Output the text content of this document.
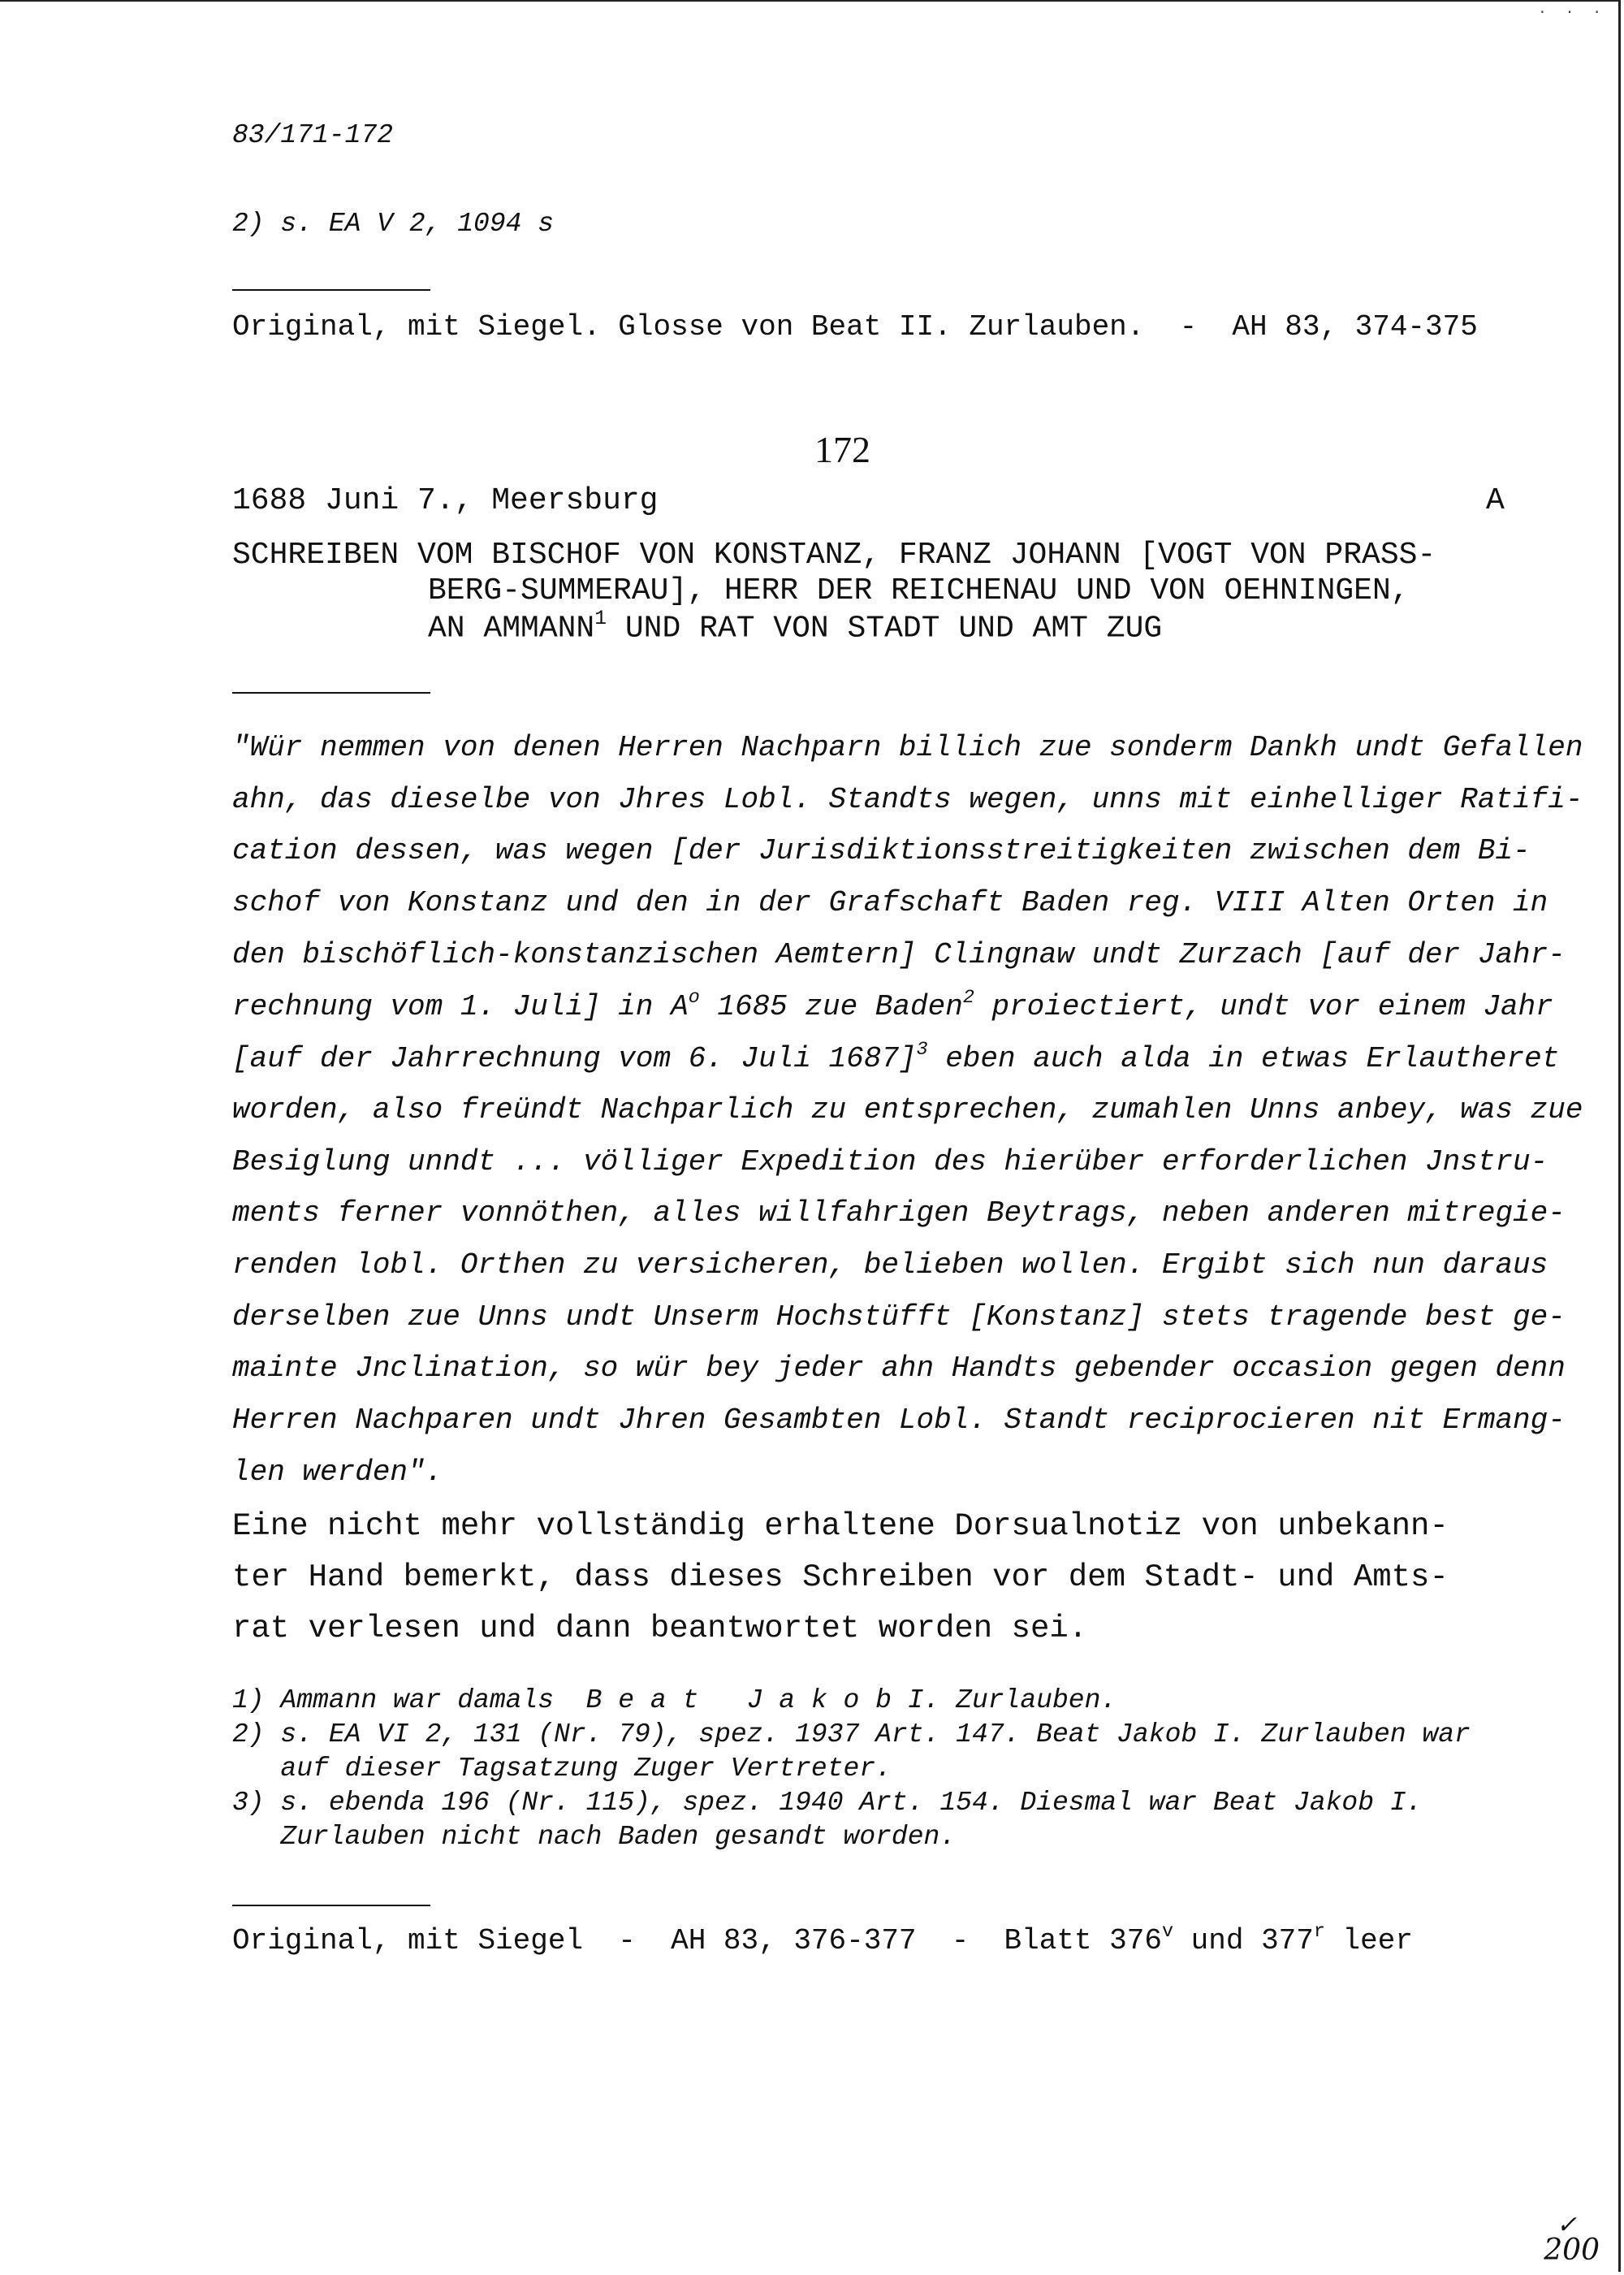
· · ·
83/171-172
2) s. EA V 2, 1094 s
Original, mit Siegel. Glosse von Beat II. Zurlauben.  -  AH 83, 374-375
172
1688 Juni 7., Meersburg	A
SCHREIBEN VOM BISCHOF VON KONSTANZ, FRANZ JOHANN [VOGT VON PRASS-
BERG-SUMMERAU], HERR DER REICHENAU UND VON OEHNINGEN,
AN AMMANN$^1$ UND RAT VON STADT UND AMT ZUG
"Wür nemmen von denen Herren Nachparn billich zue sonderm Dankh undt Gefallen
ahn, das dieselbe von Jhres Lobl. Standts wegen, unns mit einhelliger Ratifi-
cation dessen, was wegen [der Jurisdiktionsstreitigkeiten zwischen dem Bi-
schof von Konstanz und den in der Grafschaft Baden reg. VIII Alten Orten in
den bischöflich-konstanzischen Aemtern] Clingnaw undt Zurzach [auf der Jahr-
rechnung vom 1. Juli] in $A^o$ 1685 zue Baden$^2$ proiectiert, undt vor einem Jahr
[auf der Jahrrechnung vom 6. Juli 1687]$^3$ eben auch alda in etwas Erlautheret
worden, also freündt Nachparlich zu entsprechen, zumahlen Unns anbey, was zue
Besiglung unndt ... völliger Expedition des hierüber erforderlichen Jnstru-
ments ferner vonnöthen, alles willfahrigen Beytrags, neben anderen mitregie-
renden lobl. Orthen zu versicheren, belieben wollen. Ergibt sich nun daraus
derselben zue Unns undt Unserm Hochstüfft [Konstanz] stets tragende best ge-
mainte Jnclination, so wür bey jeder ahn Handts gebender occasion gegen denn
Herren Nachparen undt Jhren Gesambten Lobl. Standt reciprocieren nit Ermang-
len werden".
Eine nicht mehr vollständig erhaltene Dorsualnotiz von unbekann-
ter Hand bemerkt, dass dieses Schreiben vor dem Stadt- und Amts-
rat verlesen und dann beantwortet worden sei.
1) Ammann war damals  B e a t   J a k o b I. Zurlauben.
2) s. EA VI 2, 131 (Nr. 79), spez. 1937 Art. 147. Beat Jakob I. Zurlauben war
auf dieser Tagsatzung Zuger Vertreter.
3) s. ebenda 196 (Nr. 115), spez. 1940 Art. 154. Diesmal war Beat Jakob I.
Zurlauben nicht nach Baden gesandt worden.
Original, mit Siegel  -  AH 83, 376-377  -  Blatt 376$^v$ und 377$^r$ leer
✓
200
